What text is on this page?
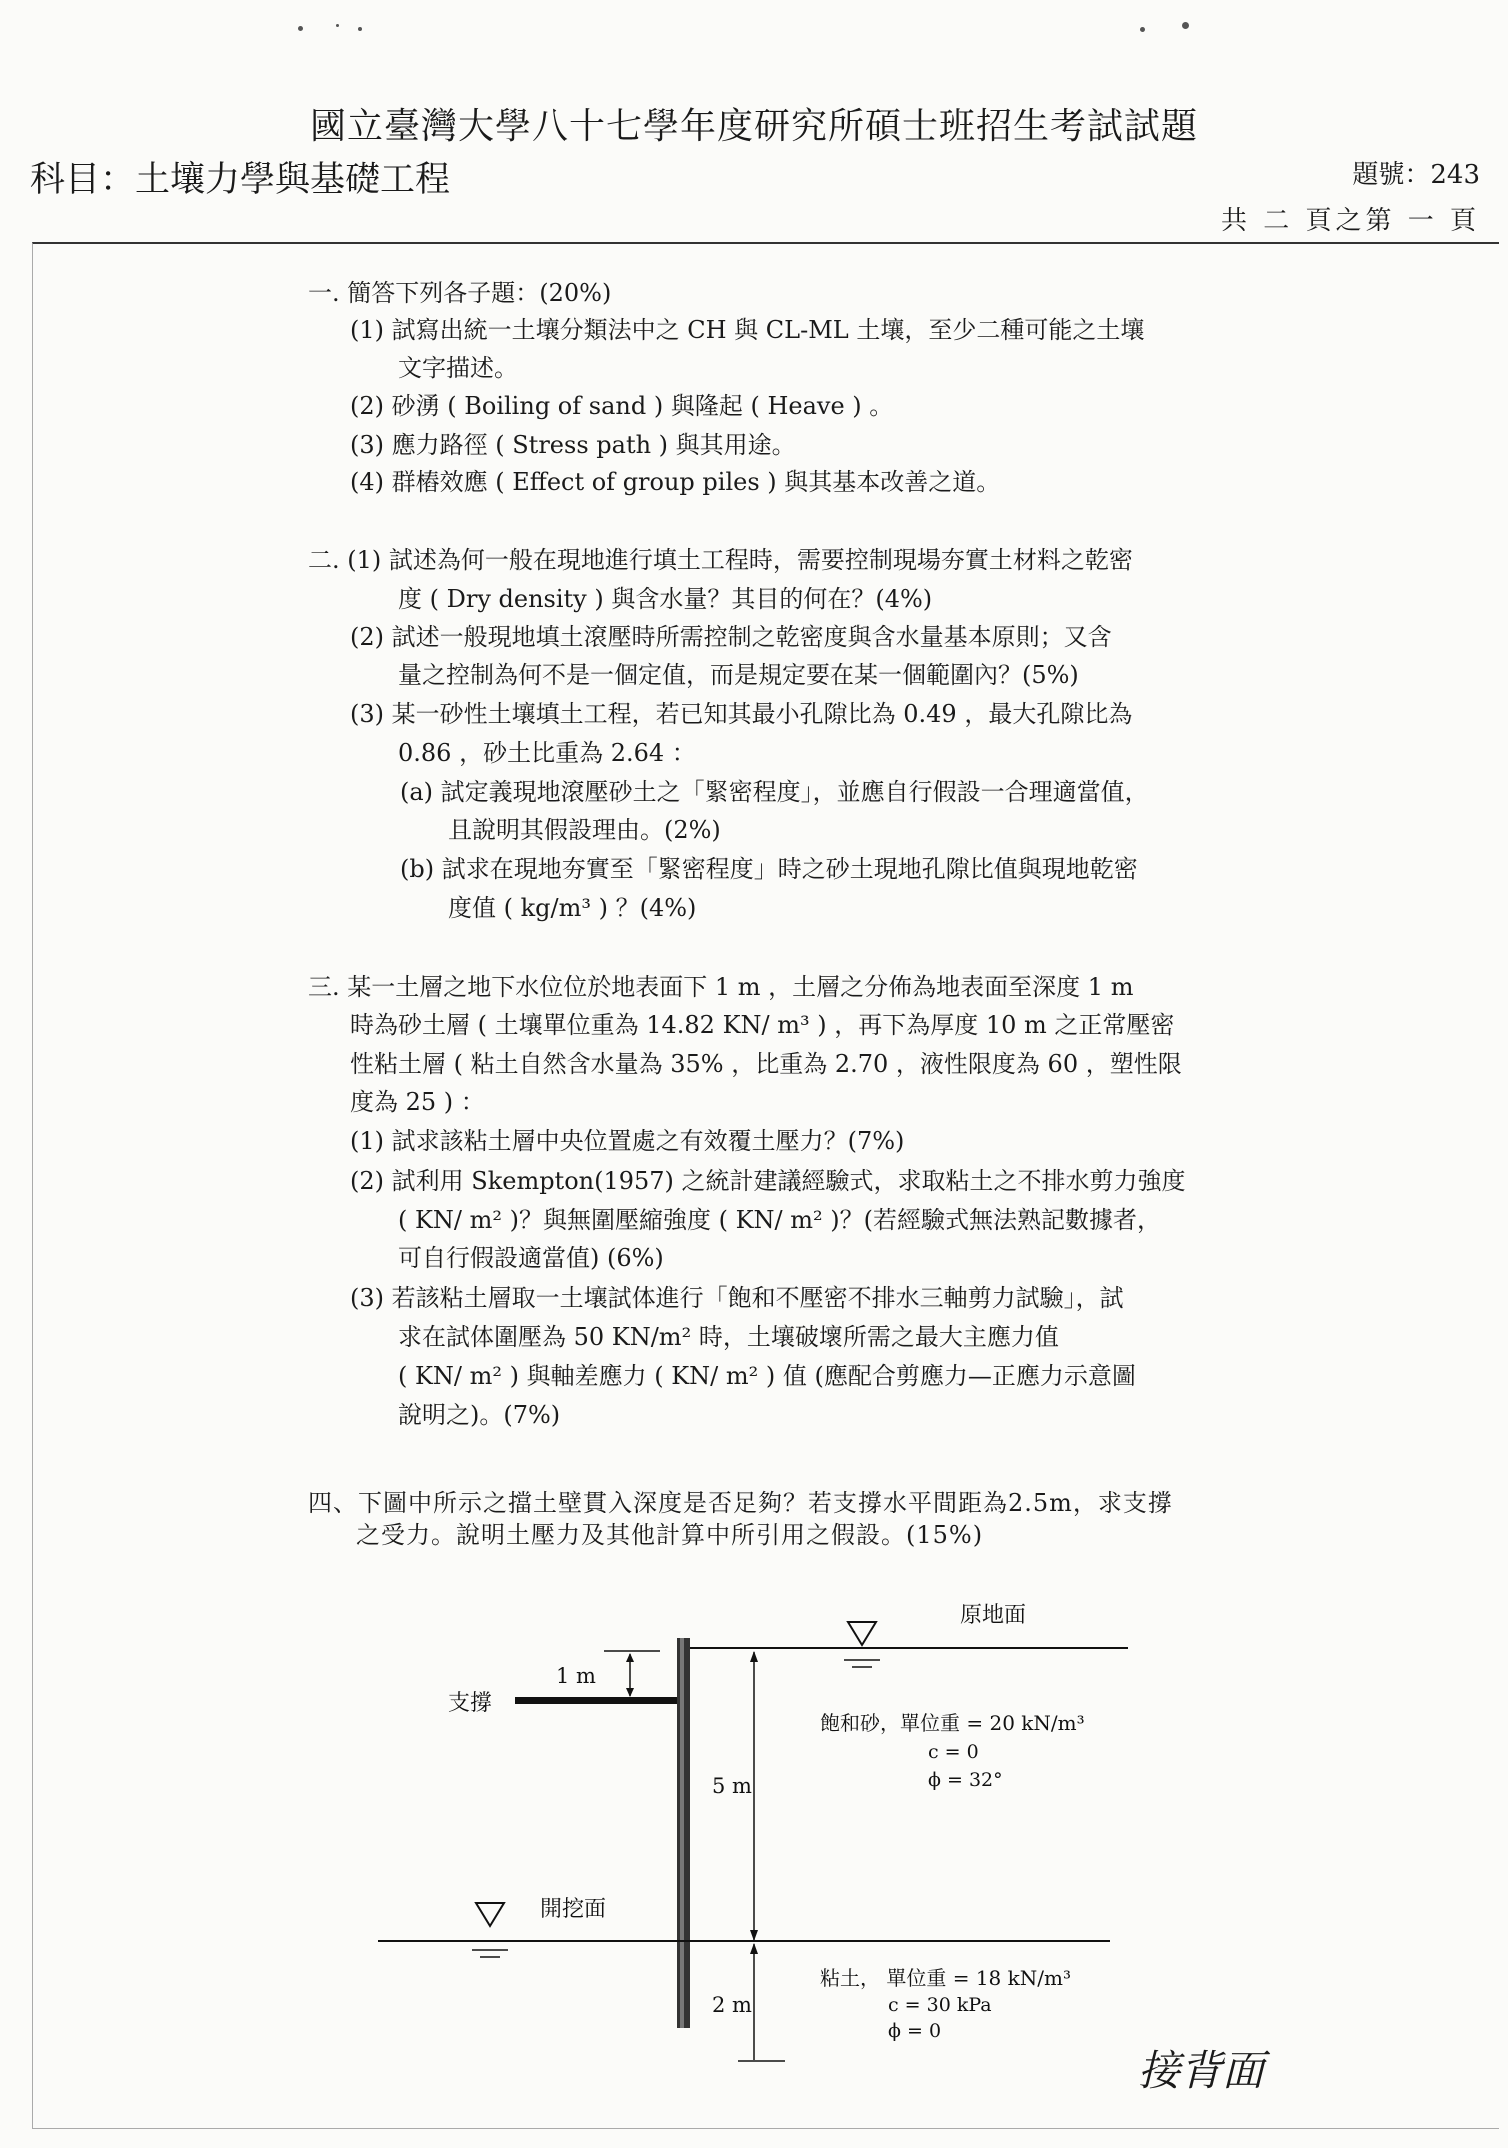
國立臺灣大學八十七學年度研究所碩士班招生考試試題
科目：土壤力學與基礎工程	題號：243
共 二 頁之第 一 頁
一. 簡答下列各子題：(20%)
(1) 試寫出統一土壤分類法中之 CH 與 CL-ML 土壤，至少二種可能之土壤
文字描述。
(2) 砂湧 ( Boiling of sand ) 與隆起 ( Heave ) 。
(3) 應力路徑 ( Stress path ) 與其用途。
(4) 群樁效應 ( Effect of group piles ) 與其基本改善之道。
二. (1) 試述為何一般在現地進行填土工程時，需要控制現場夯實土材料之乾密
度 ( Dry density ) 與含水量？其目的何在？(4%)
(2) 試述一般現地填土滾壓時所需控制之乾密度與含水量基本原則；又含
量之控制為何不是一個定值，而是規定要在某一個範圍內？(5%)
(3) 某一砂性土壤填土工程，若已知其最小孔隙比為 0.49 ，最大孔隙比為
0.86 ，砂土比重為 2.64 ：
(a) 試定義現地滾壓砂土之「緊密程度」，並應自行假設一合理適當值，
且說明其假設理由。(2%)
(b) 試求在現地夯實至「緊密程度」時之砂土現地孔隙比值與現地乾密
度值 ( kg/m³ ) ？(4%)
三. 某一土層之地下水位位於地表面下 1 m ，土層之分佈為地表面至深度 1 m
時為砂土層 ( 土壤單位重為 14.82 KN/ m³ ) ，再下為厚度 10 m 之正常壓密
性粘土層 ( 粘土自然含水量為 35% ，比重為 2.70 ，液性限度為 60 ，塑性限
度為 25 ) ：
(1) 試求該粘土層中央位置處之有效覆土壓力？(7%)
(2) 試利用 Skempton(1957) 之統計建議經驗式，求取粘土之不排水剪力強度
( KN/ m² )？與無圍壓縮強度 ( KN/ m² )？(若經驗式無法熟記數據者，
可自行假設適當值) (6%)
(3) 若該粘土層取一土壤試体進行「飽和不壓密不排水三軸剪力試驗」，試
求在試体圍壓為 50 KN/m² 時，土壤破壞所需之最大主應力值
( KN/ m² ) 與軸差應力 ( KN/ m² ) 值 (應配合剪應力—正應力示意圖
說明之)。(7%)
四、下圖中所示之擋土壁貫入深度是否足夠？若支撐水平間距為2.5m，求支撐
之受力。說明土壓力及其他計算中所引用之假設。(15%)
原地面
支撐
1 m
5 m
飽和砂，單位重 = 20 kN/m³
c = 0
ϕ = 32°
開挖面
2 m
粘土， 單位重 = 18 kN/m³
c = 30 kPa
ϕ = 0
接背面
